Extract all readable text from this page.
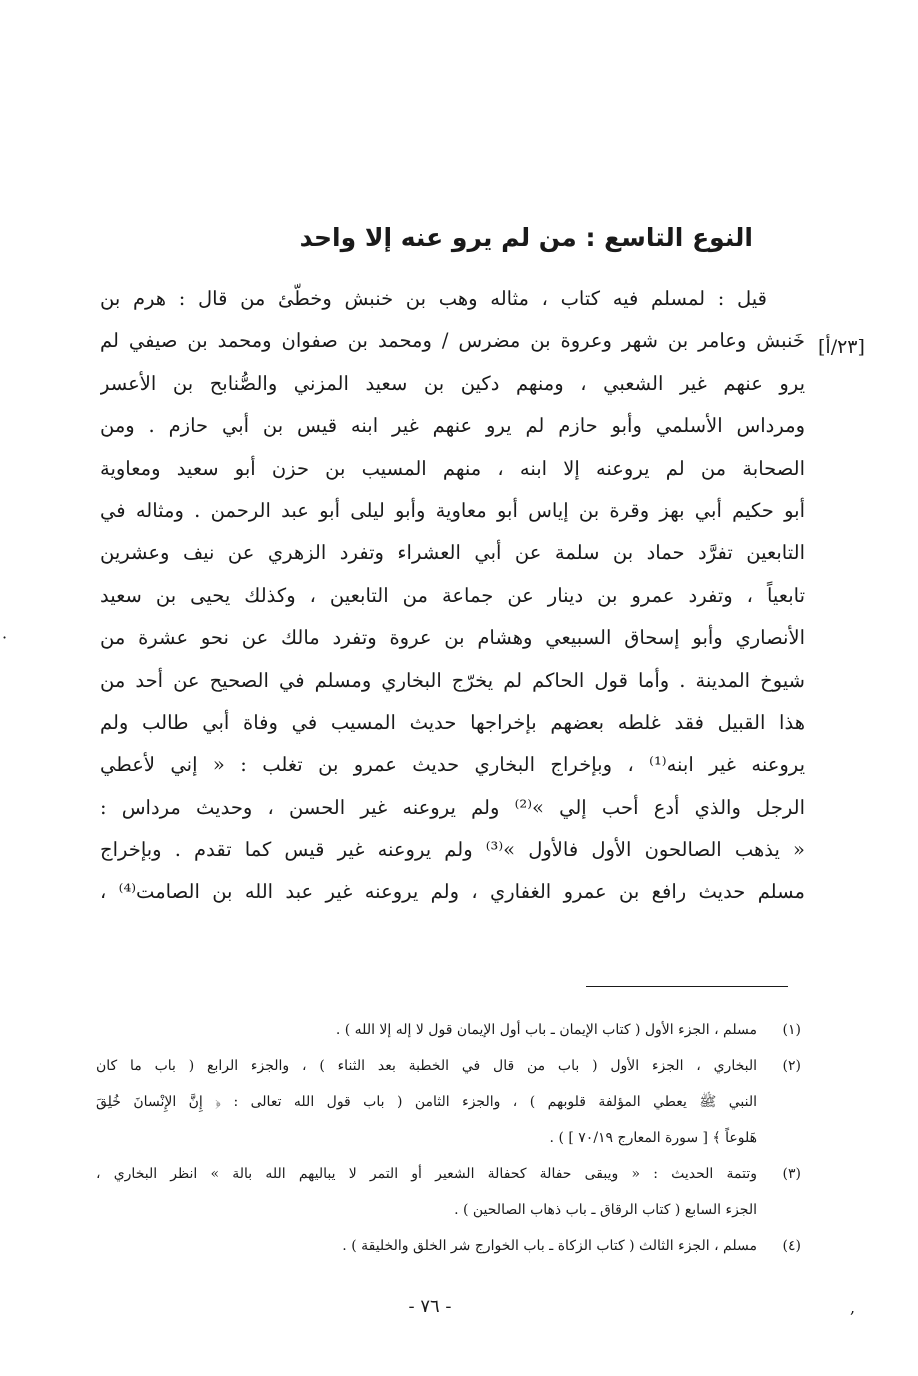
النوع التاسع : من لم يرو عنه إلا واحد
[٢٣/أ]
قيل : لمسلم فيه كتاب ، مثاله وهب بن خنبش وخطّئ من قال : هرم بن
خَنبش وعامر بن شهر وعروة بن مضرس / ومحمد بن صفوان ومحمد بن صيفي لم
يرو عنهم غير الشعبي ، ومنهم دكين بن سعيد المزني والصُّنابح بن الأعسر
ومرداس الأسلمي وأبو حازم لم يرو عنهم غير ابنه قيس بن أبي حازم . ومن
الصحابة من لم يروعنه إلا ابنه ، منهم المسيب بن حزن أبو سعيد ومعاوية
أبو حكيم أبي بهز وقرة بن إياس أبو معاوية وأبو ليلى أبو عبد الرحمن . ومثاله في
التابعين تفرَّد حماد بن سلمة عن أبي العشراء وتفرد الزهري عن نيف وعشرين
تابعياً ، وتفرد عمرو بن دينار عن جماعة من التابعين ، وكذلك يحيى بن سعيد
الأنصاري وأبو إسحاق السبيعي وهشام بن عروة وتفرد مالك عن نحو عشرة من
شيوخ المدينة . وأما قول الحاكم لم يخرّج البخاري ومسلم في الصحيح عن أحد من
هذا القبيل فقد غلطه بعضهم بإخراجها حديث المسيب في وفاة أبي طالب ولم
يروعنه غير ابنه⁽¹⁾ ، وبإخراج البخاري حديث عمرو بن تغلب : « إني لأعطي
الرجل والذي أدع أحب إلي »⁽²⁾ ولم يروعنه غير الحسن ، وحديث مرداس :
« يذهب الصالحون الأول فالأول »⁽³⁾ ولم يروعنه غير قيس كما تقدم . وبإخراج
مسلم حديث رافع بن عمرو الغفاري ، ولم يروعنه غير عبد الله بن الصامت⁽⁴⁾ ،
(١)
مسلم ، الجزء الأول ( كتاب الإيمان ـ باب أول الإيمان قول لا إله إلا الله ) .
(٢)
البخاري ، الجزء الأول ( باب من قال في الخطبة بعد الثناء ) ، والجزء الرابع ( باب ما كان
النبي ﷺ يعطي المؤلفة قلوبهم ) ، والجزء الثامن ( باب قول الله تعالى : ﴿ إِنَّ الإِنْسانَ خُلِقَ
هَلوعاً ﴾ [ سورة المعارج ٧٠/١٩ ] ) .
(٣)
وتتمة الحديث : « ويبقى حفالة كحفالة الشعير أو التمر لا يباليهم الله بالة » انظر البخاري ،
الجزء السابع ( كتاب الرقاق ـ باب ذهاب الصالحين ) .
(٤)
مسلم ، الجزء الثالث ( كتاب الزكاة ـ باب الخوارج شر الخلق والخليقة ) .
- ٧٦ -
·
,
